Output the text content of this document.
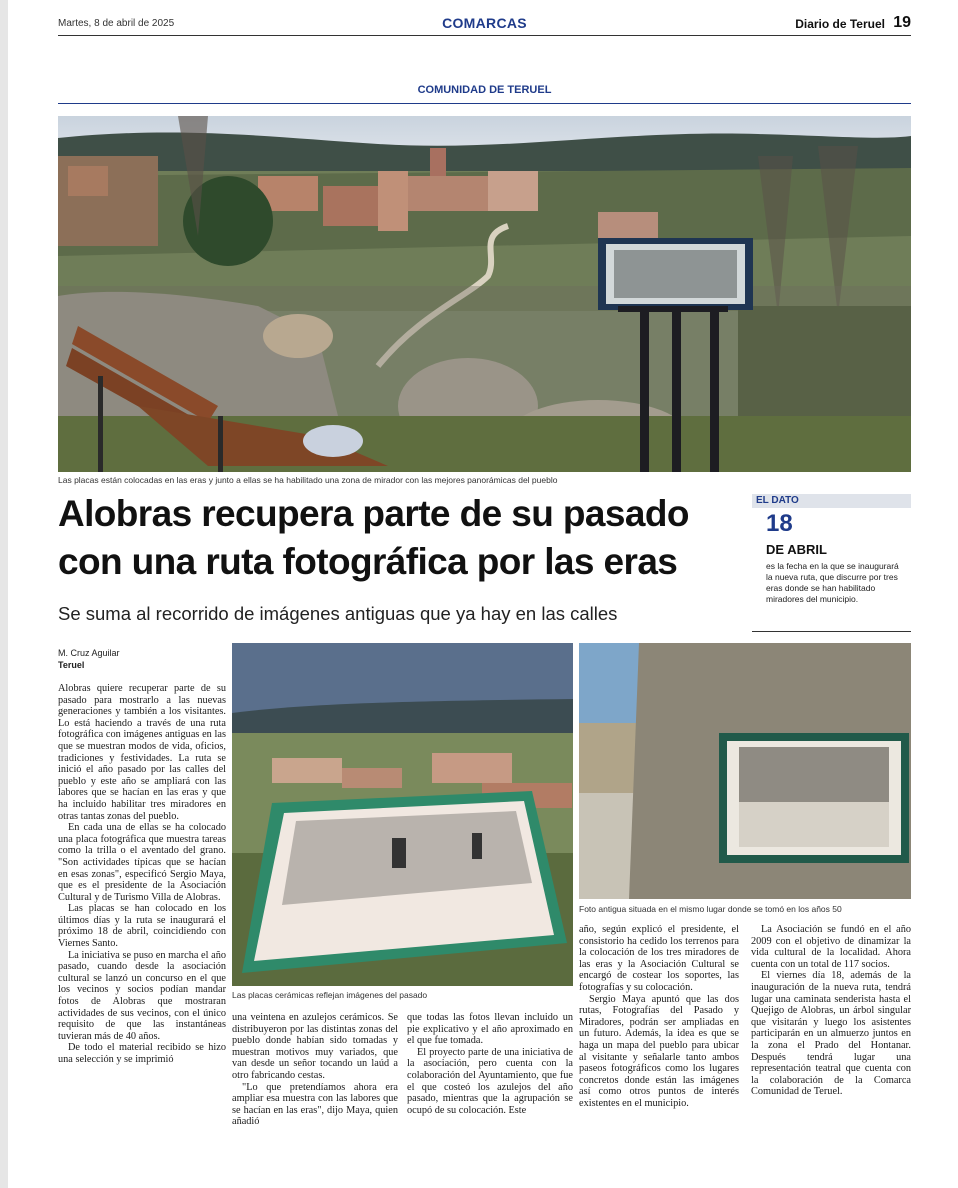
Martes, 8 de abril de 2025	COMARCAS	Diario de Teruel 19
COMUNIDAD DE TERUEL
Las placas están colocadas en las eras y junto a ellas se ha habilitado una zona de mirador con las mejores panorámicas del pueblo
Alobras recupera parte de su pasado
con una ruta fotográfica por las eras
Se suma al recorrido de imágenes antiguas que ya hay en las calles
EL DATO
18
DE ABRIL
es la fecha en la que se inaugurará la nueva ruta, que discurre por tres eras donde se han habilitado miradores del municipio.
M. Cruz Aguilar
Teruel

Alobras quiere recuperar parte de su pasado para mostrarlo a las nuevas generaciones y también a los visitantes. Lo está haciendo a través de una ruta fotográfica con imágenes antiguas en las que se muestran modos de vida, oficios, tradiciones y festividades. La ruta se inició el año pasado por las calles del pueblo y este año se ampliará con las labores que se hacían en las eras y que ha incluido habilitar tres miradores en otras tantas zonas del pueblo.

En cada una de ellas se ha colocado una placa fotográfica que muestra tareas como la trilla o el aventado del grano. "Son actividades típicas que se hacían en esas zonas", especificó Sergio Maya, que es el presidente de la Asociación Cultural y de Turismo Villa de Alobras.

Las placas se han colocado en los últimos días y la ruta se inaugurará el próximo 18 de abril, coincidiendo con Viernes Santo.

La iniciativa se puso en marcha el año pasado, cuando desde la asociación cultural se lanzó un concurso en el que los vecinos y socios podían mandar fotos de Alobras que mostraran actividades de sus vecinos, con el único requisito de que las instantáneas tuvieran más de 40 años.

De todo el material recibido se hizo una selección y se imprimió

Las placas cerámicas reflejan imágenes del pasado
Foto antigua situada en el mismo lugar donde se tomó en los años 50

una veintena en azulejos cerámicos. Se distribuyeron por las distintas zonas del pueblo donde habían sido tomadas y muestran motivos muy variados, que van desde un señor tocando un laúd a otro fabricando cestas.

"Lo que pretendíamos ahora era ampliar esa muestra con las labores que se hacían en las eras", dijo Maya, quien añadió

que todas las fotos llevan incluido un pie explicativo y el año aproximado en el que fue tomada.

El proyecto parte de una iniciativa de la asociación, pero cuenta con la colaboración del Ayuntamiento, que fue el que costeó los azulejos del año pasado, mientras que la agrupación se ocupó de su colocación. Este

año, según explicó el presidente, el consistorio ha cedido los terrenos para la colocación de los tres miradores de las eras y la Asociación Cultural se encargó de costear los soportes, las fotografías y su colocación.

Sergio Maya apuntó que las dos rutas, Fotografías del Pasado y Miradores, podrán ser ampliadas en un futuro. Además, la idea es que se haga un mapa del pueblo para ubicar al visitante y señalarle tanto ambos paseos fotográficos como los lugares concretos donde están las imágenes así como otros puntos de interés existentes en el municipio.

La Asociación se fundó en el año 2009 con el objetivo de dinamizar la vida cultural de la localidad. Ahora cuenta con un total de 117 socios.

El viernes día 18, además de la inauguración de la nueva ruta, tendrá lugar una caminata senderista hasta el Quejigo de Alobras, un árbol singular que visitarán y luego los asistentes participarán en un almuerzo juntos en la zona el Prado del Hontanar. Después tendrá lugar una representación teatral que cuenta con la colaboración de la Comarca Comunidad de Teruel.
